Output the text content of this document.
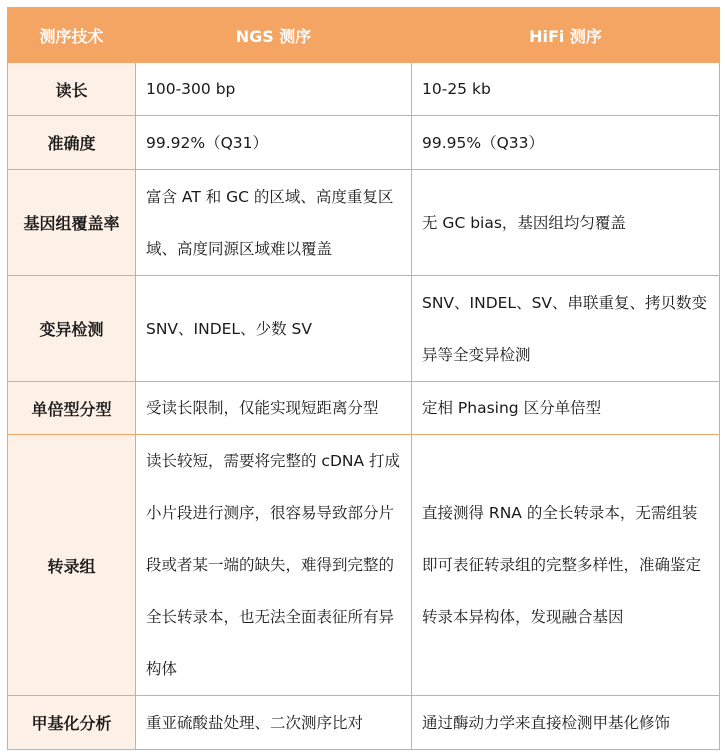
测序技术	NGS 测序	HiFi 测序
读长	100-300 bp	10-25 kb
准确度	99.92%（Q31）	99.95%（Q33）
基因组覆盖率	富含 AT 和 GC 的区域、高度重复区域、高度同源区域难以覆盖	无 GC bias，基因组均匀覆盖
变异检测	SNV、INDEL、少数 SV	SNV、INDEL、SV、串联重复、拷贝数变异等全变异检测
单倍型分型	受读长限制，仅能实现短距离分型	定相 Phasing 区分单倍型
转录组	读长较短，需要将完整的 cDNA 打成小片段进行测序，很容易导致部分片段或者某一端的缺失，难得到完整的全长转录本，也无法全面表征所有异构体	直接测得 RNA 的全长转录本，无需组装即可表征转录组的完整多样性，准确鉴定转录本异构体，发现融合基因
甲基化分析	重亚硫酸盐处理、二次测序比对	通过酶动力学来直接检测甲基化修饰
